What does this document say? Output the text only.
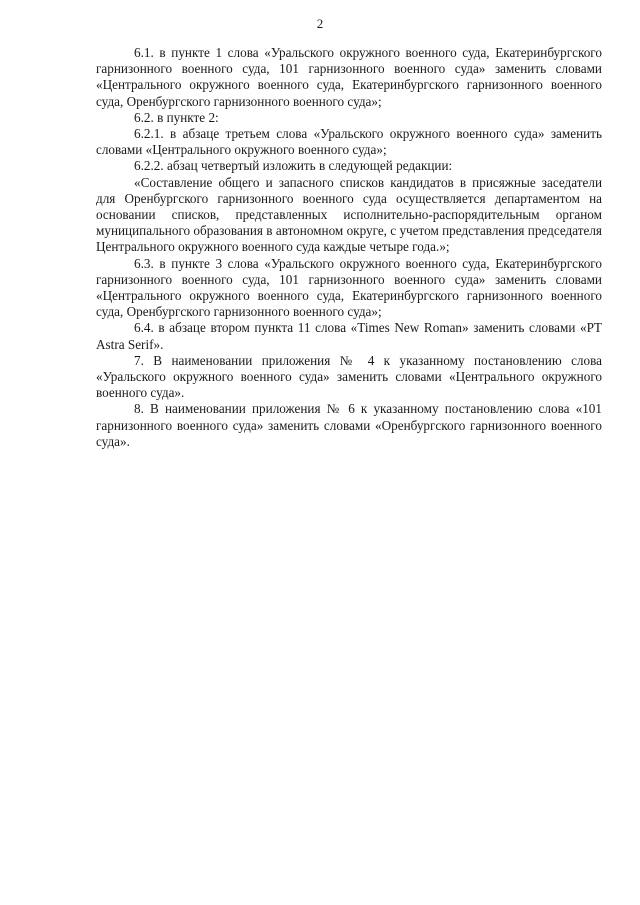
2

6.1. в пункте 1 слова «Уральского окружного военного суда, Екатеринбургского гарнизонного военного суда, 101 гарнизонного военного суда» заменить словами «Центрального окружного военного суда, Екатеринбургского гарнизонного военного суда, Оренбургского гарнизонного военного суда»;

6.2. в пункте 2:

6.2.1. в абзаце третьем слова «Уральского окружного военного суда» заменить словами «Центрального окружного военного суда»;

6.2.2. абзац четвертый изложить в следующей редакции:

«Составление общего и запасного списков кандидатов в присяжные заседатели для Оренбургского гарнизонного военного суда осуществляется департаментом на основании списков, представленных исполнительно-распорядительным органом муниципального образования в автономном округе, с учетом представления председателя Центрального окружного военного суда каждые четыре года.»;

6.3. в пункте 3 слова «Уральского окружного военного суда, Екатеринбургского гарнизонного военного суда, 101 гарнизонного военного суда» заменить словами «Центрального окружного военного суда, Екатеринбургского гарнизонного военного суда, Оренбургского гарнизонного военного суда»;

6.4. в абзаце втором пункта 11 слова «Times New Roman» заменить словами «PT Astra Serif».

7. В наименовании приложения № 4 к указанному постановлению слова «Уральского окружного военного суда» заменить словами «Центрального окружного военного суда».

8. В наименовании приложения № 6 к указанному постановлению слова «101 гарнизонного военного суда» заменить словами «Оренбургского гарнизонного военного суда».
